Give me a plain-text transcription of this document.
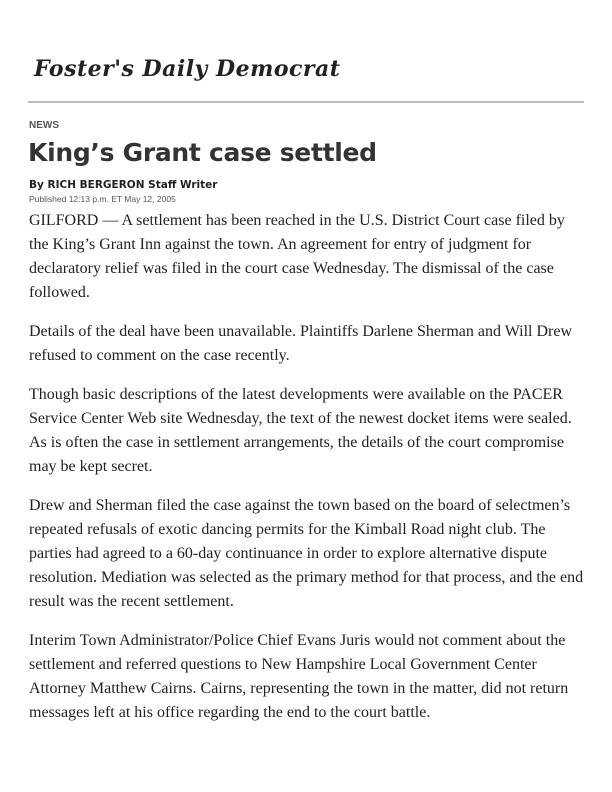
Foster's Daily Democrat
NEWS
King’s Grant case settled
By RICH BERGERON Staff Writer
Published 12:13 p.m. ET May 12, 2005

GILFORD — A settlement has been reached in the U.S. District Court case filed by the King’s Grant Inn against the town. An agreement for entry of judgment for declaratory relief was filed in the court case Wednesday. The dismissal of the case followed.

Details of the deal have been unavailable. Plaintiffs Darlene Sherman and Will Drew refused to comment on the case recently.

Though basic descriptions of the latest developments were available on the PACER Service Center Web site Wednesday, the text of the newest docket items were sealed. As is often the case in settlement arrangements, the details of the court compromise may be kept secret.

Drew and Sherman filed the case against the town based on the board of selectmen’s repeated refusals of exotic dancing permits for the Kimball Road night club. The parties had agreed to a 60-day continuance in order to explore alternative dispute resolution. Mediation was selected as the primary method for that process, and the end result was the recent settlement.

Interim Town Administrator/Police Chief Evans Juris would not comment about the settlement and referred questions to New Hampshire Local Government Center Attorney Matthew Cairns. Cairns, representing the town in the matter, did not return messages left at his office regarding the end to the court battle.
